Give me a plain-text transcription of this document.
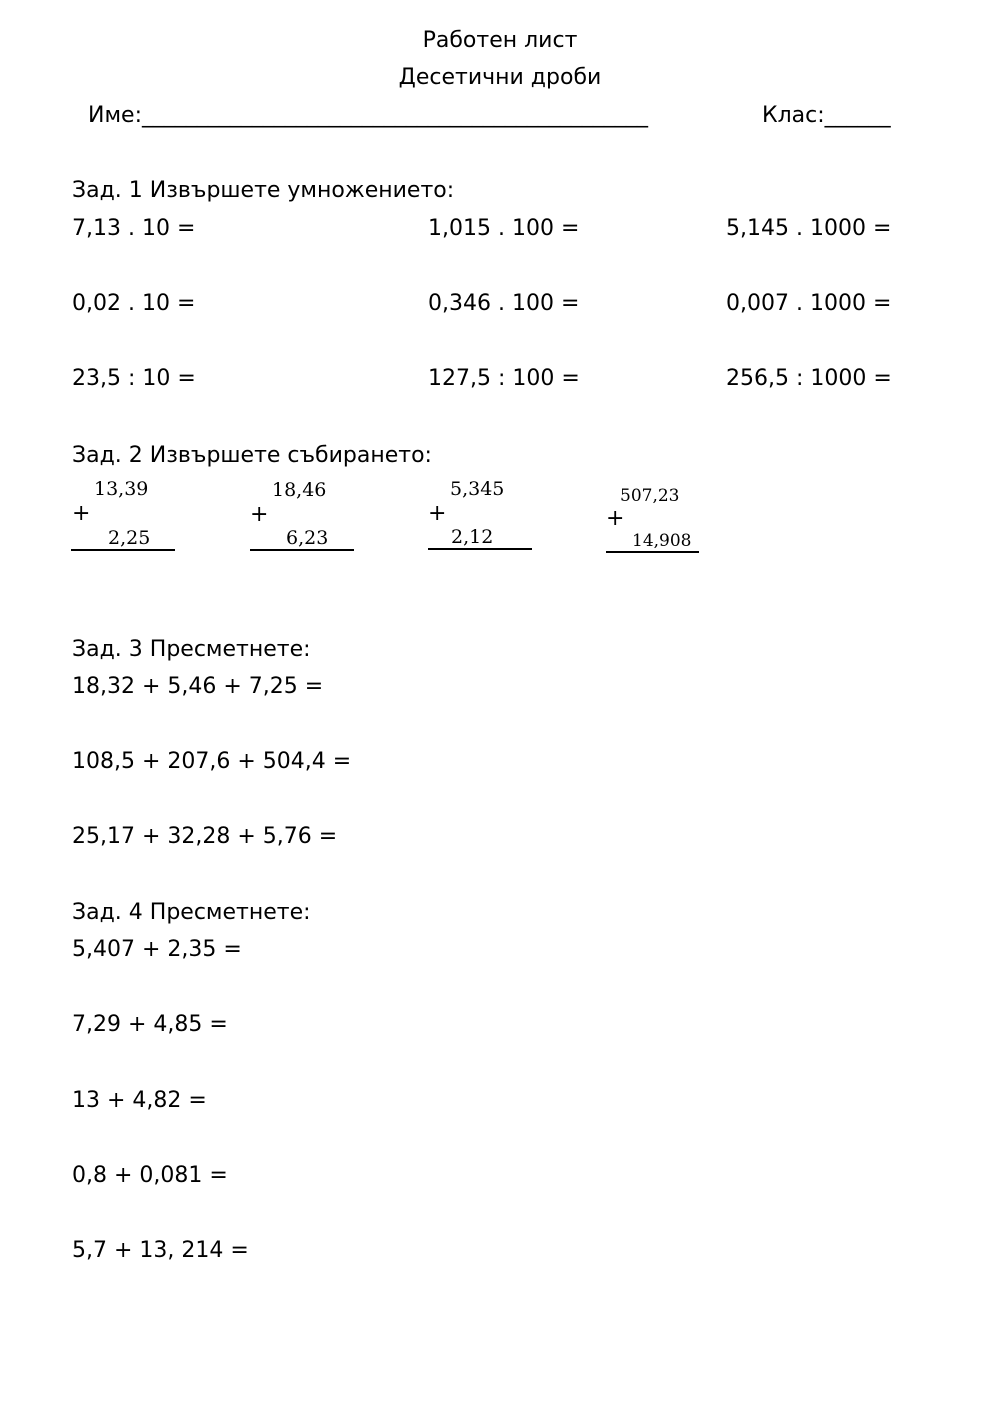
Работен лист
Десетични дроби
Име:______________________________________________	Клас:______
Зад. 1 Извършете умножението:
7,13 . 10 =	1,015 . 100 =	5,145 . 1000 =
0,02 . 10 =	0,346 . 100 =	0,007 . 1000 =
23,5 : 10 =	127,5 : 100 =	256,5 : 1000 =
Зад. 2 Извършете събирането:
13,39
+
2,25
18,46
+
6,23
5,345
+
2,12
507,23
+
14,908
Зад. 3 Пресметнете:
18,32 + 5,46 + 7,25 =
108,5 + 207,6 + 504,4 =
25,17 + 32,28 + 5,76 =
Зад. 4 Пресметнете:
5,407 + 2,35 =
7,29 + 4,85 =
13 + 4,82 =
0,8 + 0,081 =
5,7 + 13, 214 =
